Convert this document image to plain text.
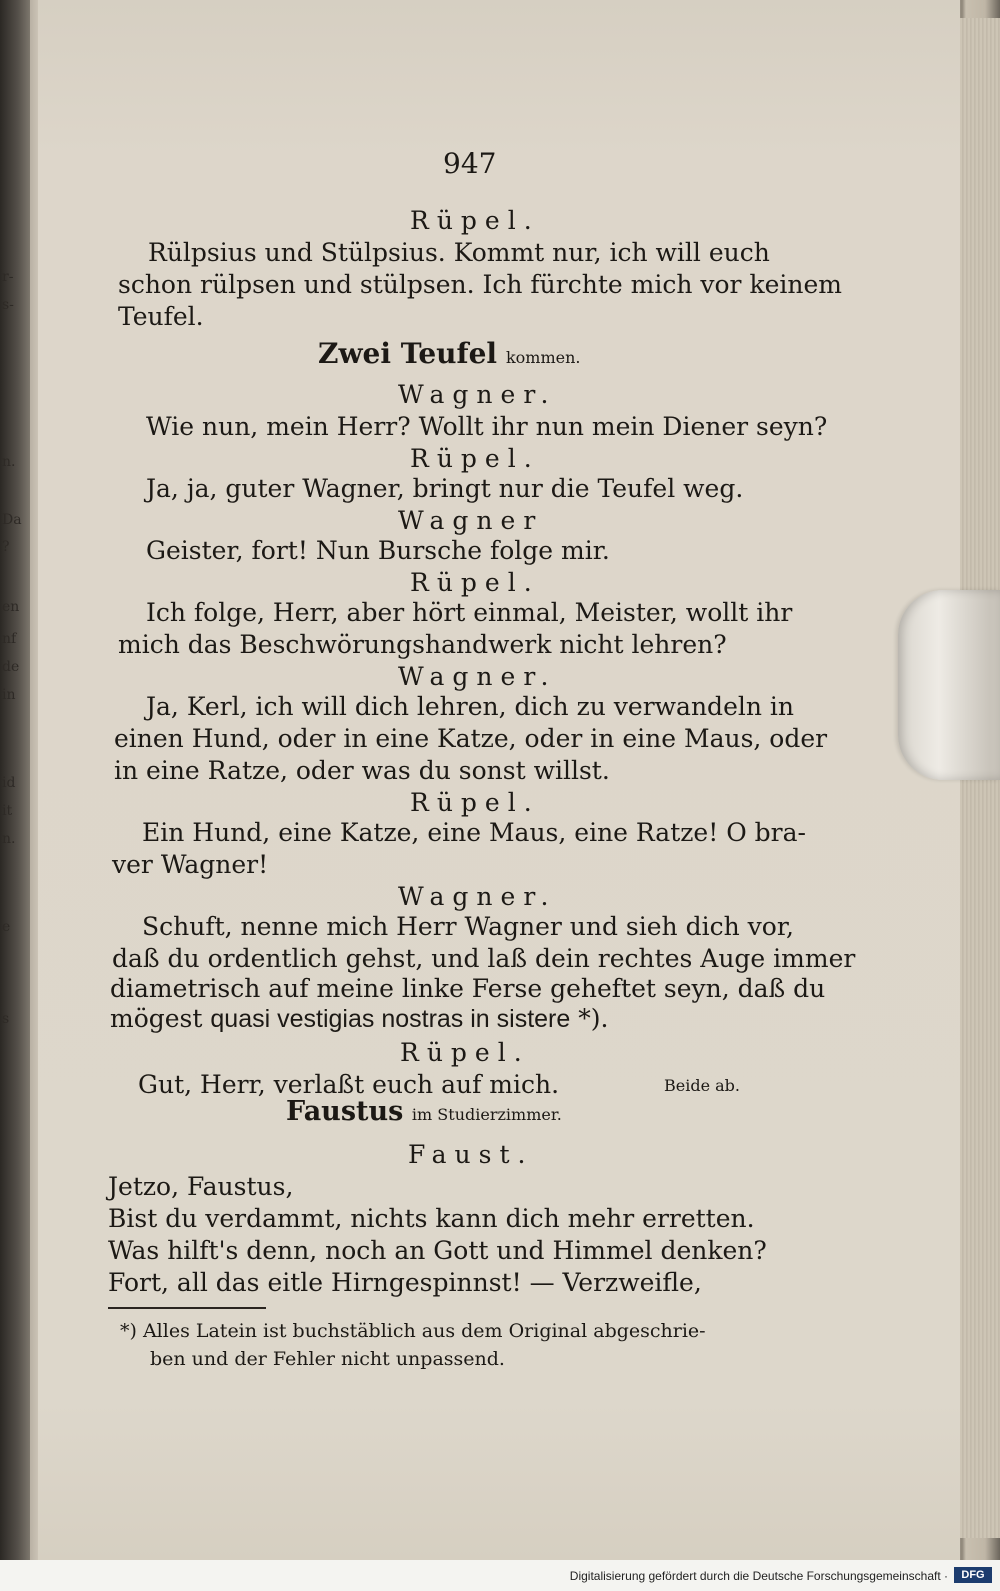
r-
s-
n.
Da
?
en
nf
de
in
id
it
n.
e
s
947
Rüpel.
Rülpsius und Stülpsius. Kommt nur, ich will euch
schon rülpsen und stülpsen. Ich fürchte mich vor keinem
Teufel.
Zwei Teufel kommen.
Wagner.
Wie nun, mein Herr? Wollt ihr nun mein Diener seyn?
Rüpel.
Ja, ja, guter Wagner, bringt nur die Teufel weg.
Wagner
Geister, fort! Nun Bursche folge mir.
Rüpel.
Ich folge, Herr, aber hört einmal, Meister, wollt ihr
mich das Beschwörungshandwerk nicht lehren?
Wagner.
Ja, Kerl, ich will dich lehren, dich zu verwandeln in
einen Hund, oder in eine Katze, oder in eine Maus, oder
in eine Ratze, oder was du sonst willst.
Rüpel.
Ein Hund, eine Katze, eine Maus, eine Ratze! O bra-
ver Wagner!
Wagner.
Schuft, nenne mich Herr Wagner und sieh dich vor,
daß du ordentlich gehst, und laß dein rechtes Auge immer
diametrisch auf meine linke Ferse geheftet seyn, daß du
mögest quasi vestigias nostras in sistere *).
Rüpel.
Gut, Herr, verlaßt euch auf mich.	Beide ab.
Faustus im Studierzimmer.
Faust.
Jetzo, Faustus,
Bist du verdammt, nichts kann dich mehr erretten.
Was hilft's denn, noch an Gott und Himmel denken?
Fort, all das eitle Hirngespinnst! — Verzweifle,
*) Alles Latein ist buchstäblich aus dem Original abgeschrie-
ben und der Fehler nicht unpassend.
Digitalisierung gefördert durch die Deutsche Forschungsgemeinschaft ·	DFG
